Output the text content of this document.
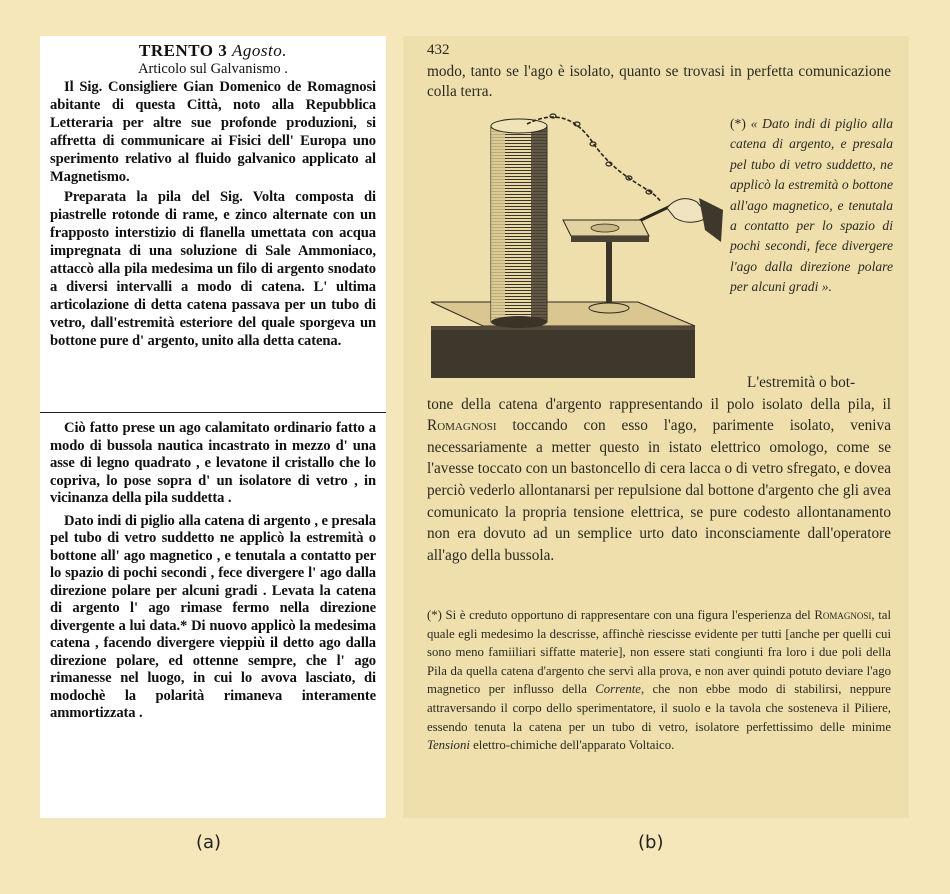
TRENTO 3 Agosto.
Articolo sul Galvanismo .

Il Sig. Consigliere Gian Domenico de Romagnosi abitante di questa Città, noto alla Repubblica Letteraria per altre sue profonde produzioni, si affretta di communicare ai Fisici dell' Europa uno sperimento relativo al fluido galvanico applicato al Magnetismo.

Preparata la pila del Sig. Volta composta di piastrelle rotonde di rame, e zinco alternate con un frapposto interstizio di flanella umettata con acqua impregnata di una soluzione di Sale Ammoniaco, attaccò alla pila medesima un filo di argento snodato a diversi intervalli a modo di catena. L' ultima articolazione di detta catena passava per un tubo di vetro, dall'estremità esteriore del quale sporgeva un bottone pure d' argento, unito alla detta catena.

Ciò fatto prese un ago calamitato ordinario fatto a modo di bussola nautica incastrato in mezzo d' una asse di legno quadrato , e levatone il cristallo che lo copriva, lo pose sopra d' un isolatore di vetro , in vicinanza della pila suddetta .

Dato indi di piglio alla catena di argento , e presala pel tubo di vetro suddetto ne applicò la estremità o bottone all' ago magnetico , e tenutala a contatto per lo spazio di pochi secondi , fece divergere l' ago dalla direzione polare per alcuni gradi . Levata la catena di argento l' ago rimase fermo nella direzione divergente a lui data.* Di nuovo applicò la medesima catena , facendo divergere vieppiù il detto ago dalla direzione polare, ed ottenne sempre, che l' ago rimanesse nel luogo, in cui lo avova lasciato, di modochè la polarità rimaneva interamente ammortizzata .

432
modo, tanto se l'ago è isolato, quanto se trovasi in perfetta comunicazione colla terra.
(*) « Dato indi di piglio alla catena di argento, e presala pel tubo di vetro suddetto, ne applicò la estremità o bottone all'ago magnetico, e tenutala a contatto per lo spazio di pochi secondi, fece divergere l'ago dalla direzione polare per alcuni gradi ».
L'estremità o bot-
tone della catena d'argento rappresentando il polo isolato della pila, il Romagnosi toccando con esso l'ago, parimente isolato, veniva necessariamente a metter questo in istato elettrico omologo, come se l'avesse toccato con un bastoncello di cera lacca o di vetro sfregato, e dovea perciò vederlo allontanarsi per repulsione dal bottone d'argento che gli avea comunicato la propria tensione elettrica, se pure codesto allontanamento non era dovuto ad un semplice urto dato inconsciamente dall'operatore all'ago della bussola.
(*) Si è creduto opportuno di rappresentare con una figura l'esperienza del Romagnosi, tal quale egli medesimo la descrisse, affinchè riescisse evidente per tutti [anche per quelli cui sono meno famiiliari siffatte materie], non essere stati congiunti fra loro i due poli della Pila da quella catena d'argento che servì alla prova, e non aver quindi potuto deviare l'ago magnetico per influsso della Corrente, che non ebbe modo di stabilirsi, neppure attraversando il corpo dello sperimentatore, il suolo e la tavola che sosteneva il Piliere, essendo tenuta la catena per un tubo di vetro, isolatore perfettissimo delle minime Tensioni elettro-chimiche dell'apparato Voltaico.
(a)	(b)
